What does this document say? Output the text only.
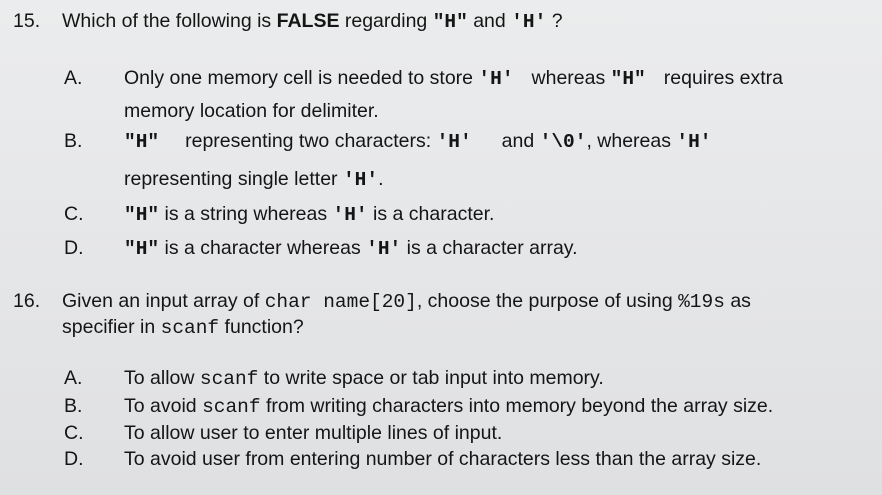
15. Which of the following is FALSE regarding "H" and 'H' ?
A. Only one memory cell is needed to store 'H' whereas "H" requires extra
memory location for delimiter.
B. "H" representing two characters: 'H' and '\0', whereas 'H'
representing single letter 'H'.
C. "H" is a string whereas 'H' is a character.
D. "H" is a character whereas 'H' is a character array.
16. Given an input array of char name[20], choose the purpose of using %19s as
specifier in scanf function?
A. To allow scanf to write space or tab input into memory.
B. To avoid scanf from writing characters into memory beyond the array size.
C. To allow user to enter multiple lines of input.
D. To avoid user from entering number of characters less than the array size.
